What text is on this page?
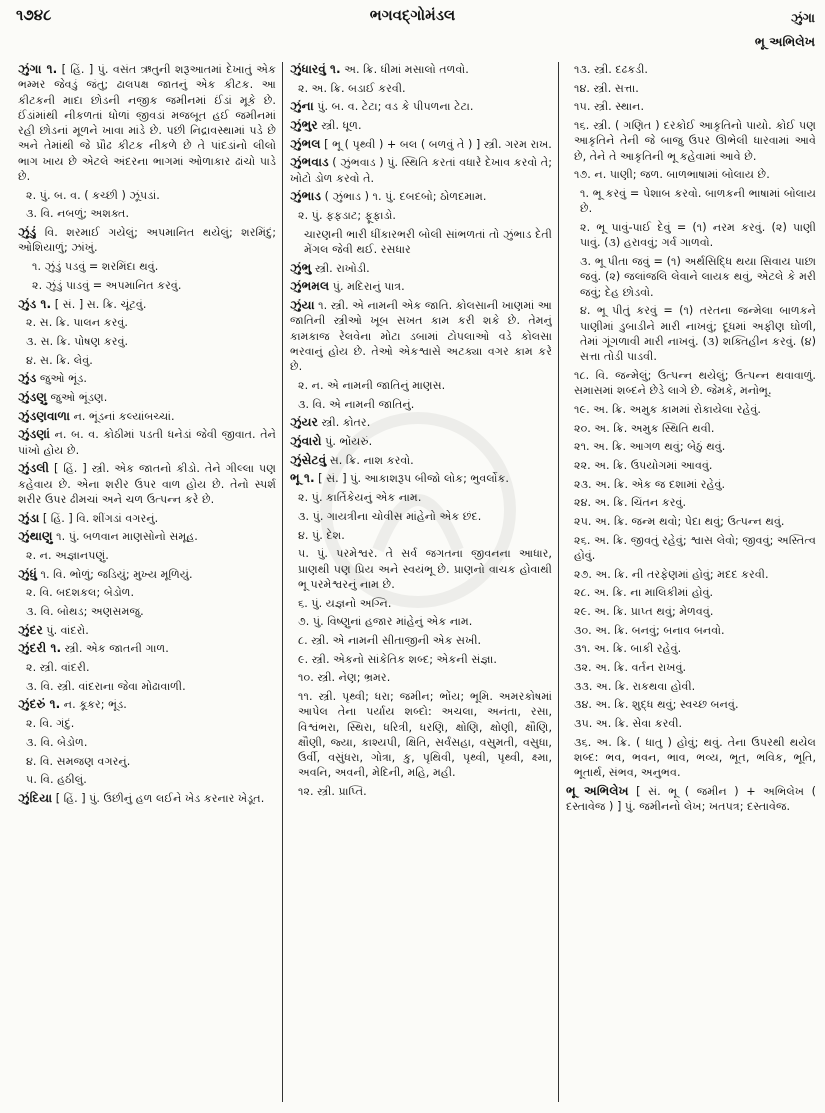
૧૭૪૮	ભગવદ્ગોમંડલ	ઝુંગા
ભૂ અભિલેખ
ઝુંગા ૧. [ હિં. ] પું. વસંત ઋતુની શરૂઆતમાં દેખાતું એક ભમ્મર જેવડું જંતુ; ઢાલપક્ષ જાતનું એક કીટક. આ કીટકની માદા છોડની નજીક જમીનમાં ઈંડાં મૂકે છે. ઈંડાંમાંથી નીકળતાં ધોળાં જીવડાં મજબૂત હઈ જમીનમાં રહી છોડનાં મૂળને ખાવા માંડે છે. પછી નિદ્રાવસ્થામાં પડે છે અને તેમાંથી જે પ્રૌઢ કીટક નીકળે છે તે પાંદડાંનો લીલો ભાગ ખાય છે એટલે અંદરના ભાગમાં ઓળાકાર ઢાંચો પાડે છે.
૨. પું. બ. વ. ( કચ્છી ) ઝૂંપડાં.
૩. વિ. નબળું; અશક્ત.
ઝુંડું વિ. શરમાઈ ગયેલું; અપમાનિત થયેલું; શરમિંદું; ઓશિયાળું; ઝાંખું.
૧. ઝુંડું પડવું = શરમિંદા થવું.
૨. ઝુંડું પાડવું = અપમાનિત કરવું.
ઝુંડ ૧. [ સં. ] સ. ક્રિ. ચૂંટવું.
૨. સ. ક્રિ. પાલન કરવું.
૩. સ. ક્રિ. પોષણ કરવું.
૪. સ. ક્રિ. લેવું.
ઝુંડ જુઓ ભૂંડ.
ઝુંડણુ જુઓ ભૂંડણ.
ઝુંડણવાળા ન. ભૂંડનાં કલ્યાંબચ્ચાં.
ઝુંડણાં ન. બ. વ. કોઠીમાં પડતી ધનેડાં જેવી જીવાત. તેને પાંખો હોય છે.
ઝુંડલી [ હિં. ] સ્ત્રી. એક જાતનો કીડો. તેને ગીલ્લા પણ કહેવાય છે. એના શરીર ઉપર વાળ હોય છે. તેનો સ્પર્શ શરીર ઉપર ઢીમચાં અને ચળ ઉત્પન્ન કરે છે.
ઝુંડા [ હિં. ] વિ. શીંગડાં વગરનું.
ઝુંથાણુ ૧. પું. બળવાન માણસોનો સમૂહ.
૨. ન. અજ્ઞાનપણું.
ઝુંધું ૧. વિ. ભોળું; જડિયું; મુખ્ય મૂળિયું.
૨. વિ. બદશકલ; બેડોળ.
૩. વિ. બોથડ; અણસમજુ.
ઝુંદર પું. વાંદરો.
ઝુંદરી ૧. સ્ત્રી. એક જાતની ગાળ.
૨. સ્ત્રી. વાંદરી.
૩. વિ. સ્ત્રી. વાંદરાના જેવા મોઢાવાળી.
ઝુંદરું ૧. ન. કૂકર; ભૂંડ.
૨. વિ. ગંદું.
૩. વિ. બેડોળ.
૪. વિ. સમજણ વગરનું.
૫. વિ. હઠીલું.
ઝુંદિયા [ હિં. ] પું. ઉછીનું હળ લઈને ખેડ કરનાર ખેડૂત.
ઝુંધારવું ૧. અ. ક્રિ. ધીમાં મસાલો તળવો.
૨. અ. ક્રિ. બડાઈ કરવી.
ઝુંના પું. બ. વ. ટેટા; વડ કે પીપળના ટેટા.
ઝુંભુર સ્ત્રી. ધૂળ.
ઝુંભલ [ ભૂ ( પૃથ્વી ) + બલ ( બળવું તે ) ] સ્ત્રી. ગરમ રાખ.
ઝુંભવાડ ( ઝુંભવાડ ) પું. સ્થિતિ કરતાં વધારે દેખાવ કરવો તે; ખોટો ડોળ કરવો તે.
ઝુંભાડ ( ઝુંભાડ ) ૧. પું. દબદબો; ઠોળદમામ.
૨. પું. ફફડાટ; ફૂફાડો.
ચારણની ભારી ધીંકારભરી બોલી સાંભળતાં તો ઝુંભાડ દેતી મેંગલ જેવી થઈ. રસધાર
ઝુંભુ સ્ત્રી. રાખોડી.
ઝુંભમલ પું. મદિરાનું પાત્ર.
ઝુંયા ૧. સ્ત્રી. એ નામની એક જાતિ. કોલસાની ખાણમાં આ જાતિની સ્ત્રીઓ ખૂબ સખત કામ કરી શકે છે. તેમનું કામકાજ રેલવેના મોટા ડબામાં ટોપલાઓ વડે કોલસા ભરવાનું હોય છે. તેઓ એકશ્વાસે અટક્યા વગર કામ કરે છે.
૨. ન. એ નામની જાતિનું માણસ.
૩. વિ. એ નામની જાતિનું.
ઝુંયર સ્ત્રી. કોતર.
ઝુંવારો પું. ભોંયરું.
ઝુંસેટવું સ. ક્રિ. નાશ કરવો.
ભૂ ૧. [ સં. ] પું. આકાશરૂપ બીજો લોક; ભુવર્લોક.
૨. પું. કાર્તિકેયનું એક નામ.
૩. પું. ગાયત્રીના ચોવીસ માંહેનો એક છંદ.
૪. પું. દેશ.
૫. પું. પરમેશ્વર. તે સર્વ જગતના જીવનના આધાર, પ્રાણથી પણ પ્રિય અને સ્વયંભૂ છે. પ્રાણનો વાચક હોવાથી ભૂ પરમેશ્વરનું નામ છે.
૬. પું. યજ્ઞનો અગ્નિ.
૭. પું. વિષ્ણુનાં હજાર માંહેનું એક નામ.
૮. સ્ત્રી. એ નામની સીતાજીની એક સખી.
૯. સ્ત્રી. એકનો સાંકેતિક શબ્દ; એકની સંજ્ઞા.
૧૦. સ્ત્રી. નેણ; ભ્રમર.
૧૧. સ્ત્રી. પૃથ્વી; ધરા; જમીન; ભોંય; ભૂમિ. અમરકોષમાં આપેલ તેના પર્યાય શબ્દો: અચલા, અનંતા, રસા, વિશ્વંભરા, સ્થિરા, ધરિત્રી, ધરણિ, ક્ષોણિ, ક્ષોણી, ક્ષૌણિ, ક્ષૌણી, જ્યા, કાશ્યપી, ક્ષિતિ, સર્વંસહા, વસુમતી, વસુધા, ઉર્વી, વસુંધરા, ગોત્રા, કુ, પૃથિવી, પૃથ્વી, પૃથ્વી, ક્ષ્મા, અવનિ, અવની, મેદિની, મહિ, મહી.
૧૨. સ્ત્રી. પ્રાપ્તિ.
૧૩. સ્ત્રી. દઢકડી.
૧૪. સ્ત્રી. સત્તા.
૧૫. સ્ત્રી. સ્થાન.
૧૬. સ્ત્રી. ( ગણિત ) દરકોઈ આકૃતિનો પાયો. કોઈ પણ આકૃતિને તેની જે બાજુ ઉપર ઊભેલી ધારવામાં આવે છે, તેને તે આકૃતિની ભૂ કહેવામાં આવે છે.
૧૭. ન. પાણી; જળ. બાળભાષામાં બોલાય છે.
૧. ભૂ કરવું = પેશાબ કરવો. બાળકની ભાષામાં બોલાય છે.
૨. ભૂ પાવું-પાઈ દેવું = (૧) નરમ કરવું. (૨) પાણી પાવું. (૩) હરાવવું; ગર્વ ગાળવો.
૩. ભૂ પીતા જવું = (૧) અર્થસિદ્ધિ થયા સિવાય પાછા જવું. (૨) જલાંજલિ લેવાને લાયક થવું, એટલે કે મરી જવું; દેહ છોડવો.
૪. ભૂ પીતું કરવું = (૧) તરતના જન્મેલા બાળકને પાણીમાં ડુબાડીને મારી નાખવું; દૂધમાં અફીણ ઘોળી, તેમાં ગૂંગળાવી મારી નાખવું. (૩) શક્તિહીન કરવું. (૪) સત્તા તોડી પાડવી.
૧૮. વિ. જન્મેલું; ઉત્પન્ન થયેલું; ઉત્પન્ન થવાવાળું. સમાસમાં શબ્દને છેડે લાગે છે. જેમકે, મનોભૂ.
૧૯. અ. ક્રિ. અમુક કામમાં રોકાયેલા રહેવું.
૨૦. અ. ક્રિ. અમુક સ્થિતિ થવી.
૨૧. અ. ક્રિ. આગળ થવું; બેઠું થવું.
૨૨. અ. ક્રિ. ઉપયોગમાં આવવું.
૨૩. અ. ક્રિ. એક જ દશામાં રહેવું.
૨૪. અ. ક્રિ. ચિંતન કરવું.
૨૫. અ. ક્રિ. જન્મ થવો; પેદા થવું; ઉત્પન્ન થવું.
૨૬. અ. ક્રિ. જીવતું રહેવું; શ્વાસ લેવો; જીવવું; અસ્તિત્વ હોવું.
૨૭. અ. ક્રિ. ની તરફેણમાં હોવું; મદદ કરવી.
૨૮. અ. ક્રિ. ના માલિકીમાં હોવું.
૨૯. અ. ક્રિ. પ્રાપ્ત થવું; મેળવવું.
૩૦. અ. ક્રિ. બનવું; બનાવ બનવો.
૩૧. અ. ક્રિ. બાકી રહેવું.
૩૨. અ. ક્રિ. વર્તન રાખવું.
૩૩. અ. ક્રિ. રાકથવા હોવી.
૩૪. અ. ક્રિ. શુદ્ધ થવું; સ્વચ્છ બનવું.
૩૫. અ. ક્રિ. સેવા કરવી.
૩૬. અ. ક્રિ. ( ધાતુ ) હોવું; થવું. તેના ઉપરથી થયેલ શબ્દ: ભવ, ભવન, ભાવ, ભવ્ય, ભૂત, ભવિક, ભૂતિ, ભૂતાર્થ, સંભવ, અનુભવ.
ભૂ અભિલેખ [ સં. ભૂ ( જમીન ) + અભિલેખ ( દસ્તાવેજ ) ] પું. જમીનનો લેખ; ખતપત્ર; દસ્તાવેજ.
